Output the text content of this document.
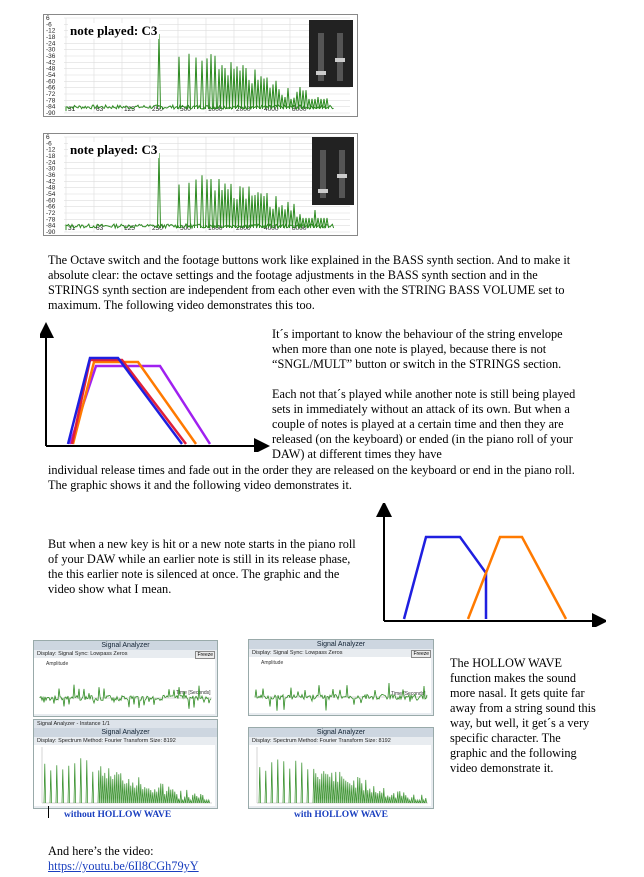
6
-6
-12
-18
-24
-30
-36
-42
-48
-54
-60
-66
-72
-78
-84
-90
31	63	125	250	500	1000 2000 4000 8000
note played: C3
6
-6
-12
-18
-24
-30
-36
-42
-48
-54
-60
-66
-72
-78
-84
-90
31	63	125	250	500	1000 2000 4000 8000
note played: C3

The Octave switch and the footage buttons work like explained in the BASS synth section. And to make it absolute clear: the octave settings and the footage adjustments in the BASS synth section and in the STRINGS synth section are independent from each other even with the STRING BASS VOLUME set to maximum. The following video demonstrates this too.

It´s important to know the behaviour of the string envelope when more than one note is played, because there is not “SNGL/MULT” button or switch in the STRINGS section.

Each not that´s played while another note is still being played sets in immediately without an attack of its own. But when a couple of notes is played at a certain time and then they are released (on the keyboard) or ended (in the piano roll of your DAW) at different times they have

individual release times and fade out in the order they are released on the keyboard or end in the piano roll. The graphic shows it and the following video demonstrates it.

But when a new key is hit or a new note starts in the piano roll of your DAW while an earlier note is still in its release phase, the this earlier note is silenced at once. The graphic and the video show what I mean.

Signal Analyzer
Display: Signal Sync: Lowpass Zeros	Freeze
Amplitude
Time [Seconds]
Signal Analyzer - Instance 1/1
Signal Analyzer
Display: Spectrum Method: Fourier Transform Size: 8192
without HOLLOW WAVE
Signal Analyzer
Display: Signal Sync: Lowpass Zeros	Freeze
Amplitude
Time [Seconds]
Signal Analyzer
Display: Spectrum Method: Fourier Transform Size: 8192
with HOLLOW WAVE

The HOLLOW WAVE function makes the sound more nasal. It gets quite far away from a string sound this way, but well, it get´s a very specific character. The graphic and the following video demonstrate it.

And here’s the video:

https://youtu.be/6Il8CGh79yY
